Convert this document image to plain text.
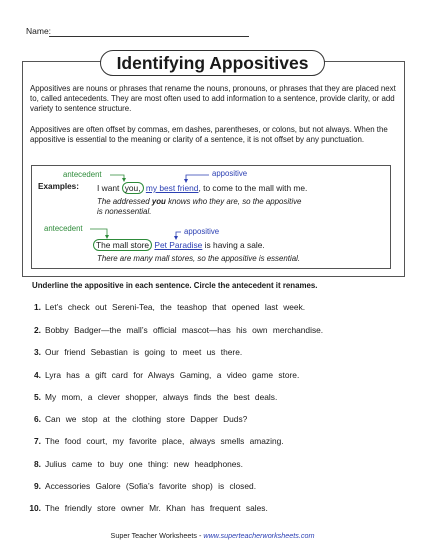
Name:
Identifying Appositives
Appositives are nouns or phrases that rename the nouns, pronouns, or phrases that they are placed next to, called antecedents. They are most often used to add information to a sentence, provide clarity, or add variety to sentence structure.
Appositives are often offset by commas, em dashes, parentheses, or colons, but not always. When the appositive is essential to the meaning or clarity of a sentence, it is not offset by any punctuation.
antecedent	appositive
Examples: I want you, my best friend, to come to the mall with me.
The addressed you knows who they are, so the appositive
is nonessential.
antecedent	appositive
The mall store Pet Paradise is having a sale.
There are many mall stores, so the appositive is essential.
Underline the appositive in each sentence. Circle the antecedent it renames.
1. Let’s check out Sereni-Tea, the teashop that opened last week.
2. Bobby Badger—the mall’s official mascot—has his own merchandise.
3. Our friend Sebastian is going to meet us there.
4. Lyra has a gift card for Always Gaming, a video game store.
5. My mom, a clever shopper, always finds the best deals.
6. Can we stop at the clothing store Dapper Duds?
7. The food court, my favorite place, always smells amazing.
8. Julius came to buy one thing: new headphones.
9. Accessories Galore (Sofia’s favorite shop) is closed.
10. The friendly store owner Mr. Khan has frequent sales.
Super Teacher Worksheets - www.superteacherworksheets.com
